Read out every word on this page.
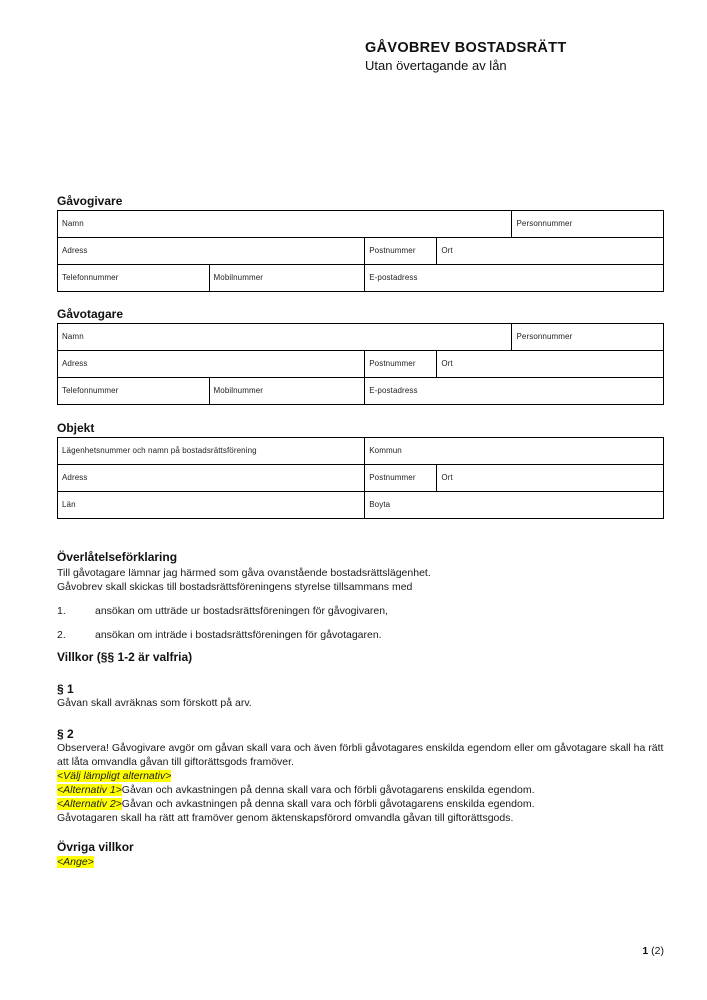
GÅVOBREV BOSTADSRÄTT
Utan övertagande av lån
Gåvogivare
Namn				Personnummer
Adress		Postnummer	Ort	
Telefonnummer	Mobilnummer	E-postadress		
Gåvotagare
Namn				Personnummer
Adress		Postnummer	Ort	
Telefonnummer	Mobilnummer	E-postadress		
Objekt
Lägenhetsnummer och namn på bostadsrättsförening	Kommun	
Adress	Postnummer	Ort
Län	Boyta	
Överlåtelseförklaring
Till gåvotagare lämnar jag härmed som gåva ovanstående bostadsrättslägenhet.
Gåvobrev skall skickas till bostadsrättsföreningens styrelse tillsammans med
1.	ansökan om utträde ur bostadsrättsföreningen för gåvogivaren,
2.	ansökan om inträde i bostadsrättsföreningen för gåvotagaren.
Villkor (§§ 1-2 är valfria)
§ 1
Gåvan skall avräknas som förskott på arv.
§ 2
Observera! Gåvogivare avgör om gåvan skall vara och även förbli gåvotagares enskilda egendom eller om gåvotagare skall ha rätt att låta omvandla gåvan till giftorättsgods framöver.
<Välj lämpligt alternativ>
<Alternativ 1>Gåvan och avkastningen på denna skall vara och förbli gåvotagarens enskilda egendom.
<Alternativ 2>Gåvan och avkastningen på denna skall vara och förbli gåvotagarens enskilda egendom.
Gåvotagaren skall ha rätt att framöver genom äktenskapsförord omvandla gåvan till giftorättsgods.
Övriga villkor
<Ange>
1 (2)
